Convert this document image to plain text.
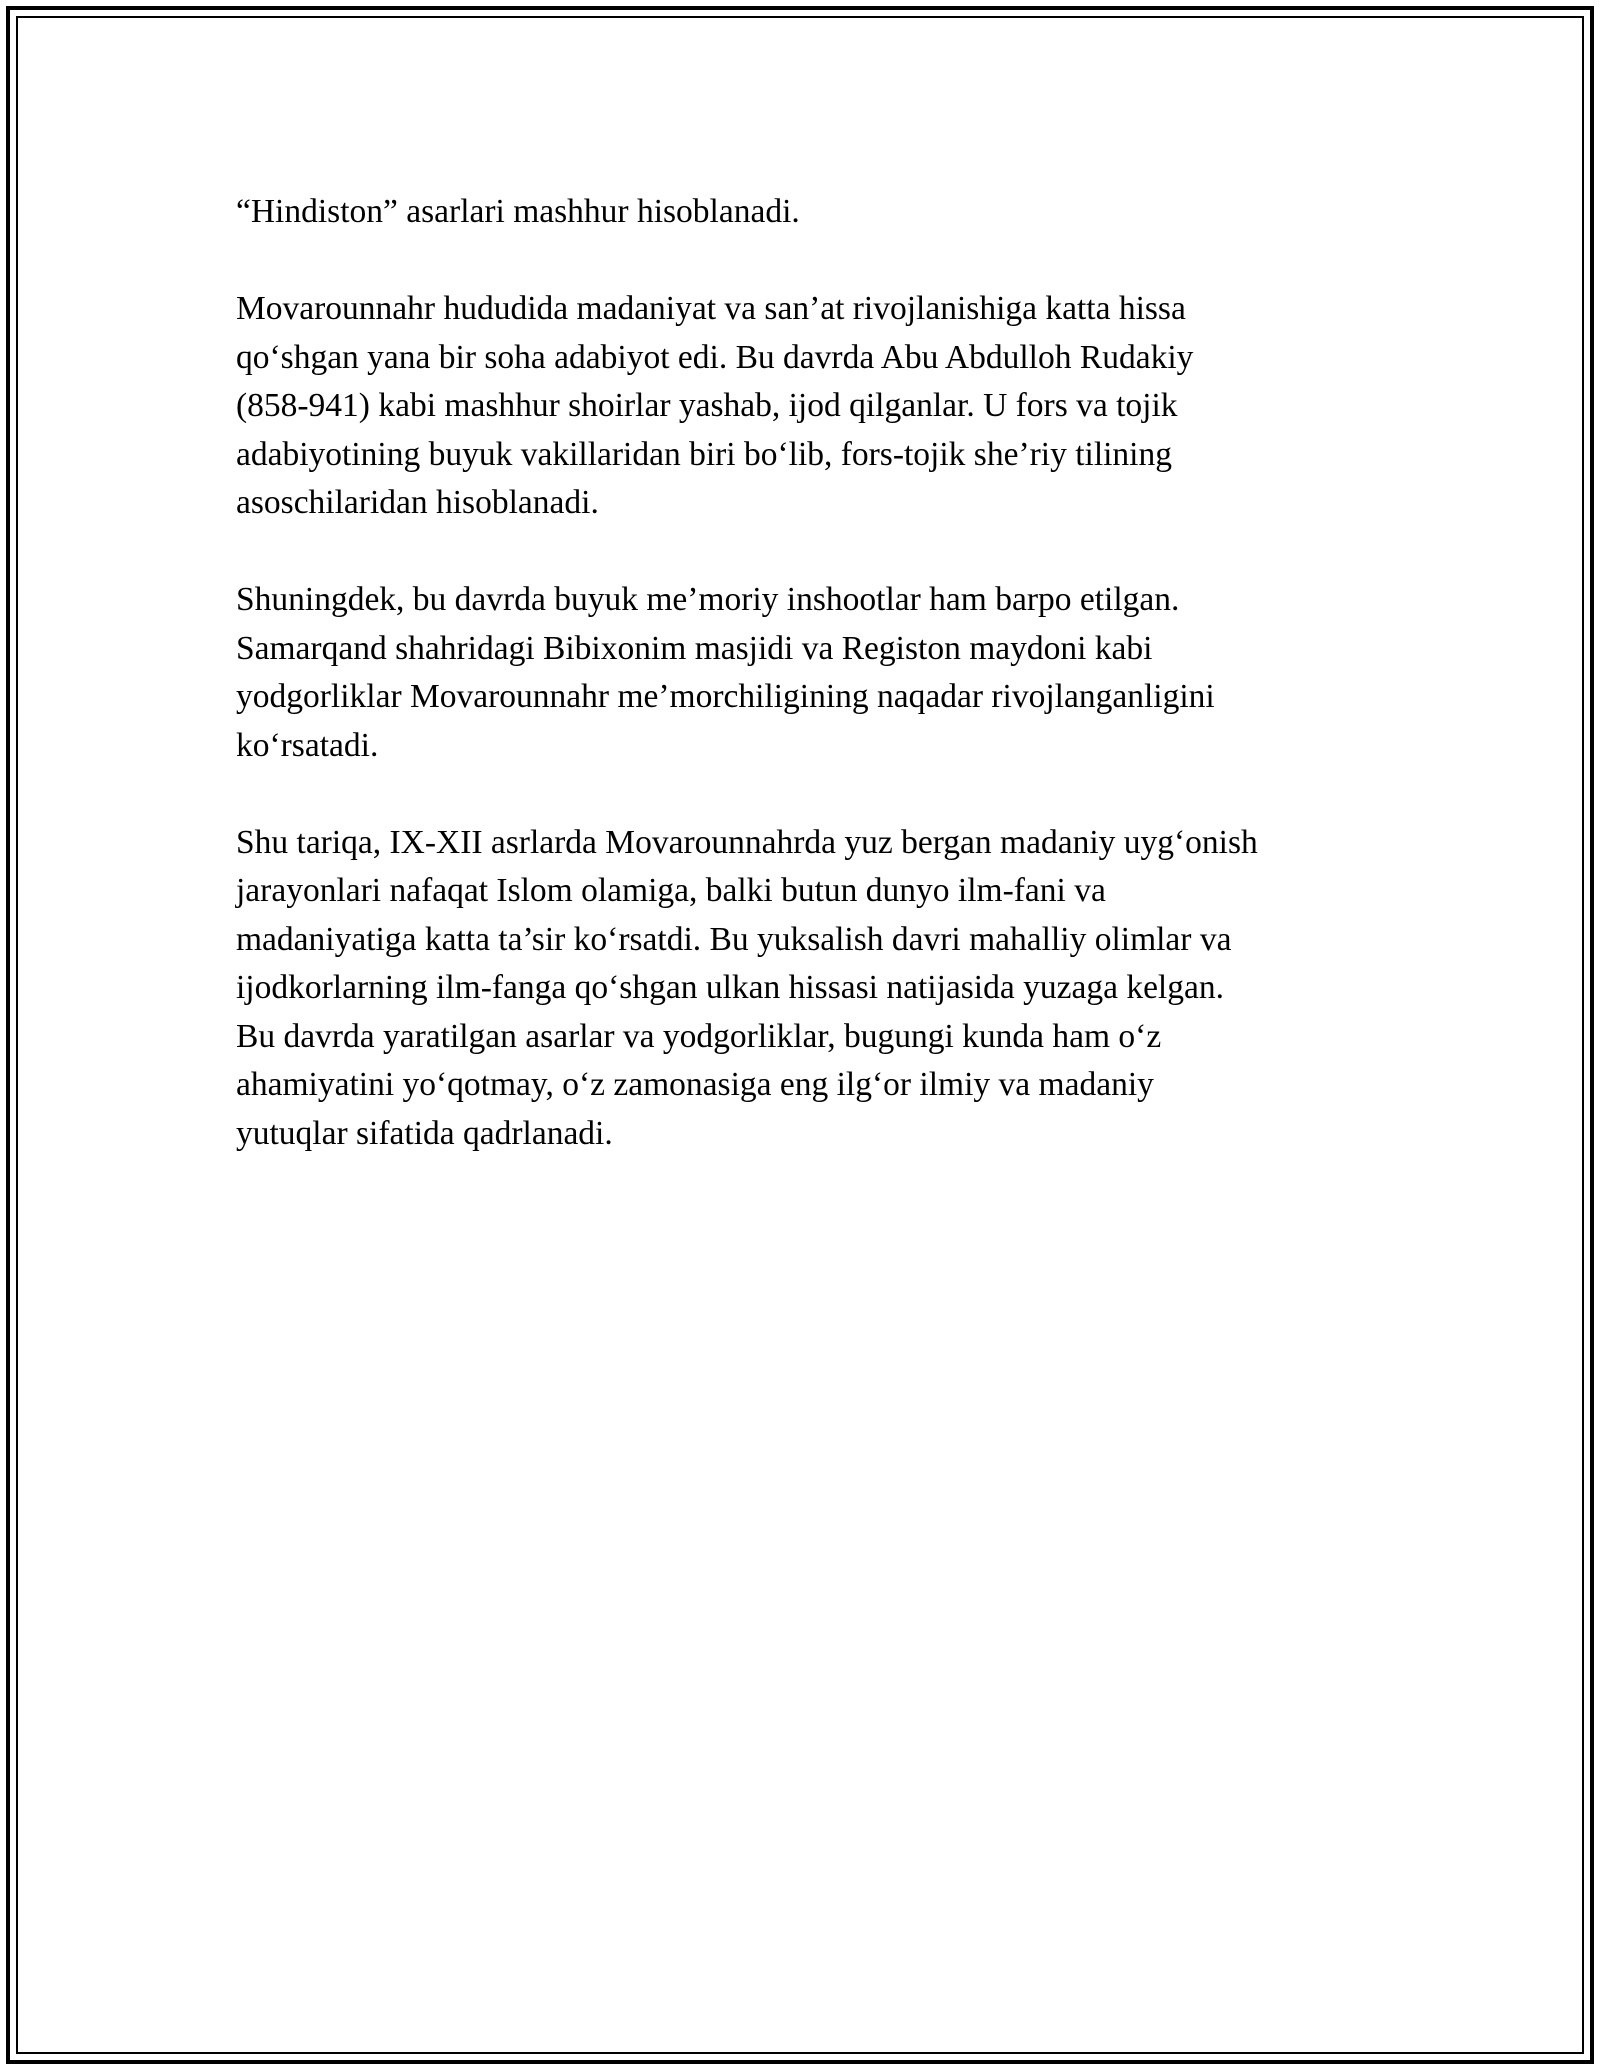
“Hindiston” asarlari mashhur hisoblanadi.

Movarounnahr hududida madaniyat va san’at rivojlanishiga katta hissa
qo‘shgan yana bir soha adabiyot edi. Bu davrda Abu Abdulloh Rudakiy
(858-941) kabi mashhur shoirlar yashab, ijod qilganlar. U fors va tojik
adabiyotining buyuk vakillaridan biri bo‘lib, fors-tojik she’riy tilining
asoschilaridan hisoblanadi.

Shuningdek, bu davrda buyuk me’moriy inshootlar ham barpo etilgan.
Samarqand shahridagi Bibixonim masjidi va Registon maydoni kabi
yodgorliklar Movarounnahr me’morchiligining naqadar rivojlanganligini
ko‘rsatadi.

Shu tariqa, IX-XII asrlarda Movarounnahrda yuz bergan madaniy uyg‘onish
jarayonlari nafaqat Islom olamiga, balki butun dunyo ilm-fani va
madaniyatiga katta ta’sir ko‘rsatdi. Bu yuksalish davri mahalliy olimlar va
ijodkorlarning ilm-fanga qo‘shgan ulkan hissasi natijasida yuzaga kelgan.
Bu davrda yaratilgan asarlar va yodgorliklar, bugungi kunda ham o‘z
ahamiyatini yo‘qotmay, o‘z zamonasiga eng ilg‘or ilmiy va madaniy
yutuqlar sifatida qadrlanadi.
